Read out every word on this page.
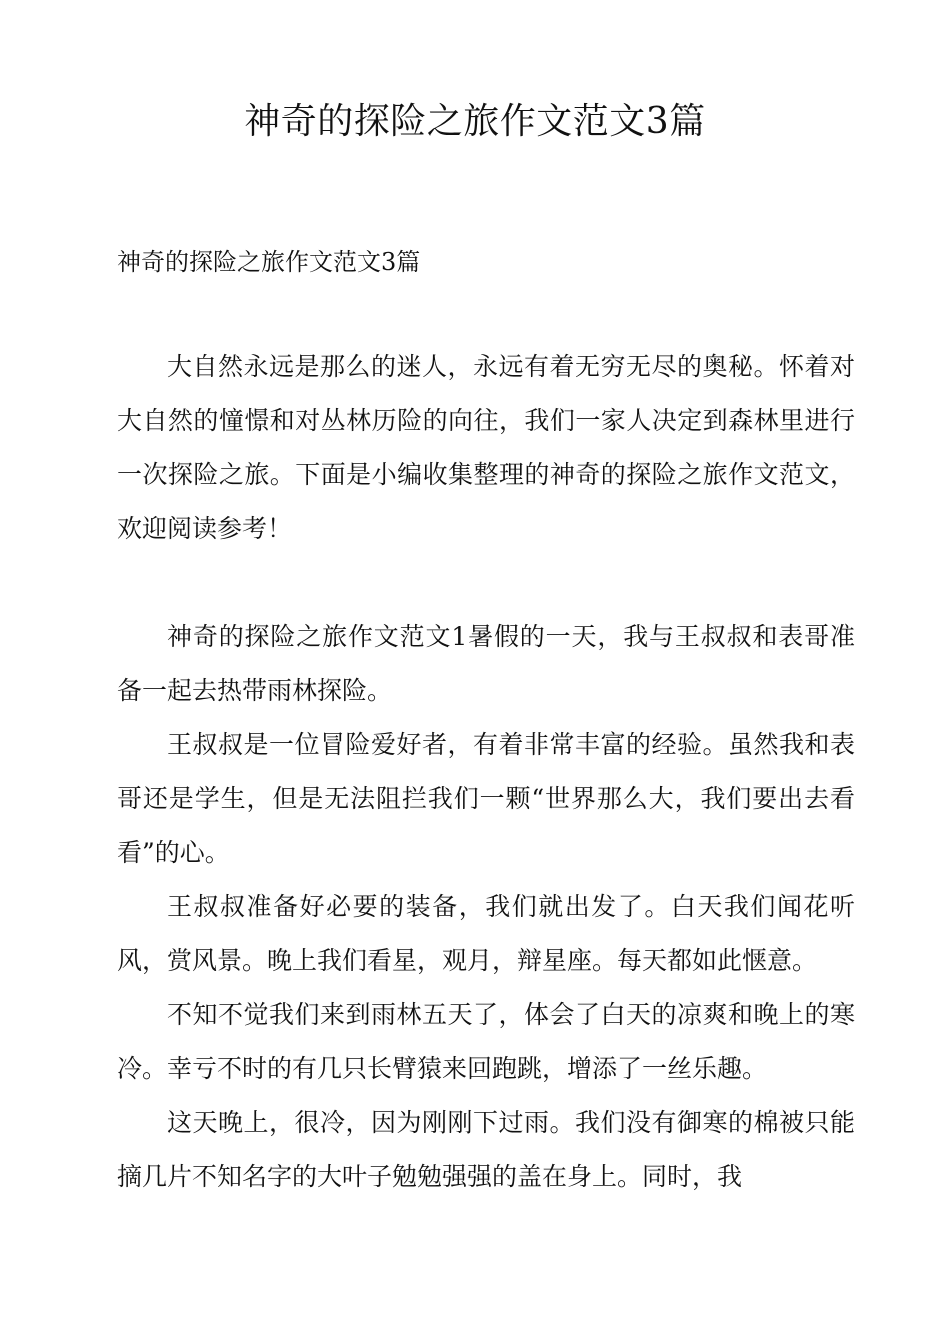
神奇的探险之旅作文范文3篇
神奇的探险之旅作文范文3篇

大自然永远是那么的迷人，永远有着无穷无尽的奥秘。怀着对大自然的憧憬和对丛林历险的向往，我们一家人决定到森林里进行一次探险之旅。下面是小编收集整理的神奇的探险之旅作文范文，欢迎阅读参考！

神奇的探险之旅作文范文1暑假的一天，我与王叔叔和表哥准备一起去热带雨林探险。

王叔叔是一位冒险爱好者，有着非常丰富的经验。虽然我和表哥还是学生，但是无法阻拦我们一颗“世界那么大，我们要出去看看”的心。

王叔叔准备好必要的装备，我们就出发了。白天我们闻花听风，赏风景。晚上我们看星，观月，辩星座。每天都如此惬意。

不知不觉我们来到雨林五天了，体会了白天的凉爽和晚上的寒冷。幸亏不时的有几只长臂猿来回跑跳，增添了一丝乐趣。

这天晚上，很冷，因为刚刚下过雨。我们没有御寒的棉被只能摘几片不知名字的大叶子勉勉强强的盖在身上。同时，我
